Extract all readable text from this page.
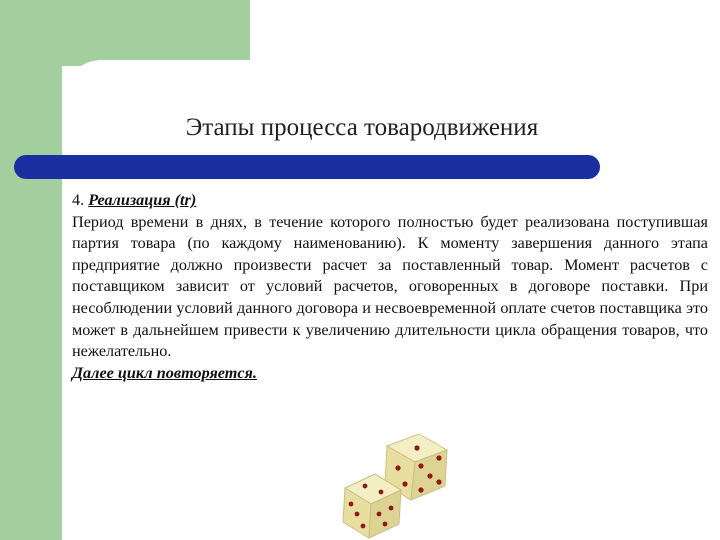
Этапы процесса товародвижения

4. Реализация (tr)

Период времени в днях, в течение которого полностью будет реализована поступившая партия товара (по каждому наименованию). К моменту завершения данного этапа предприятие должно произвести расчет за поставленный товар. Момент расчетов с поставщиком зависит от условий расчетов, оговоренных в договоре поставки. При несоблюдении условий данного договора и несвоевременной оплате счетов поставщика это может в дальнейшем привести к увеличению длительности цикла обращения товаров, что нежелательно.

Далее цикл повторяется.
